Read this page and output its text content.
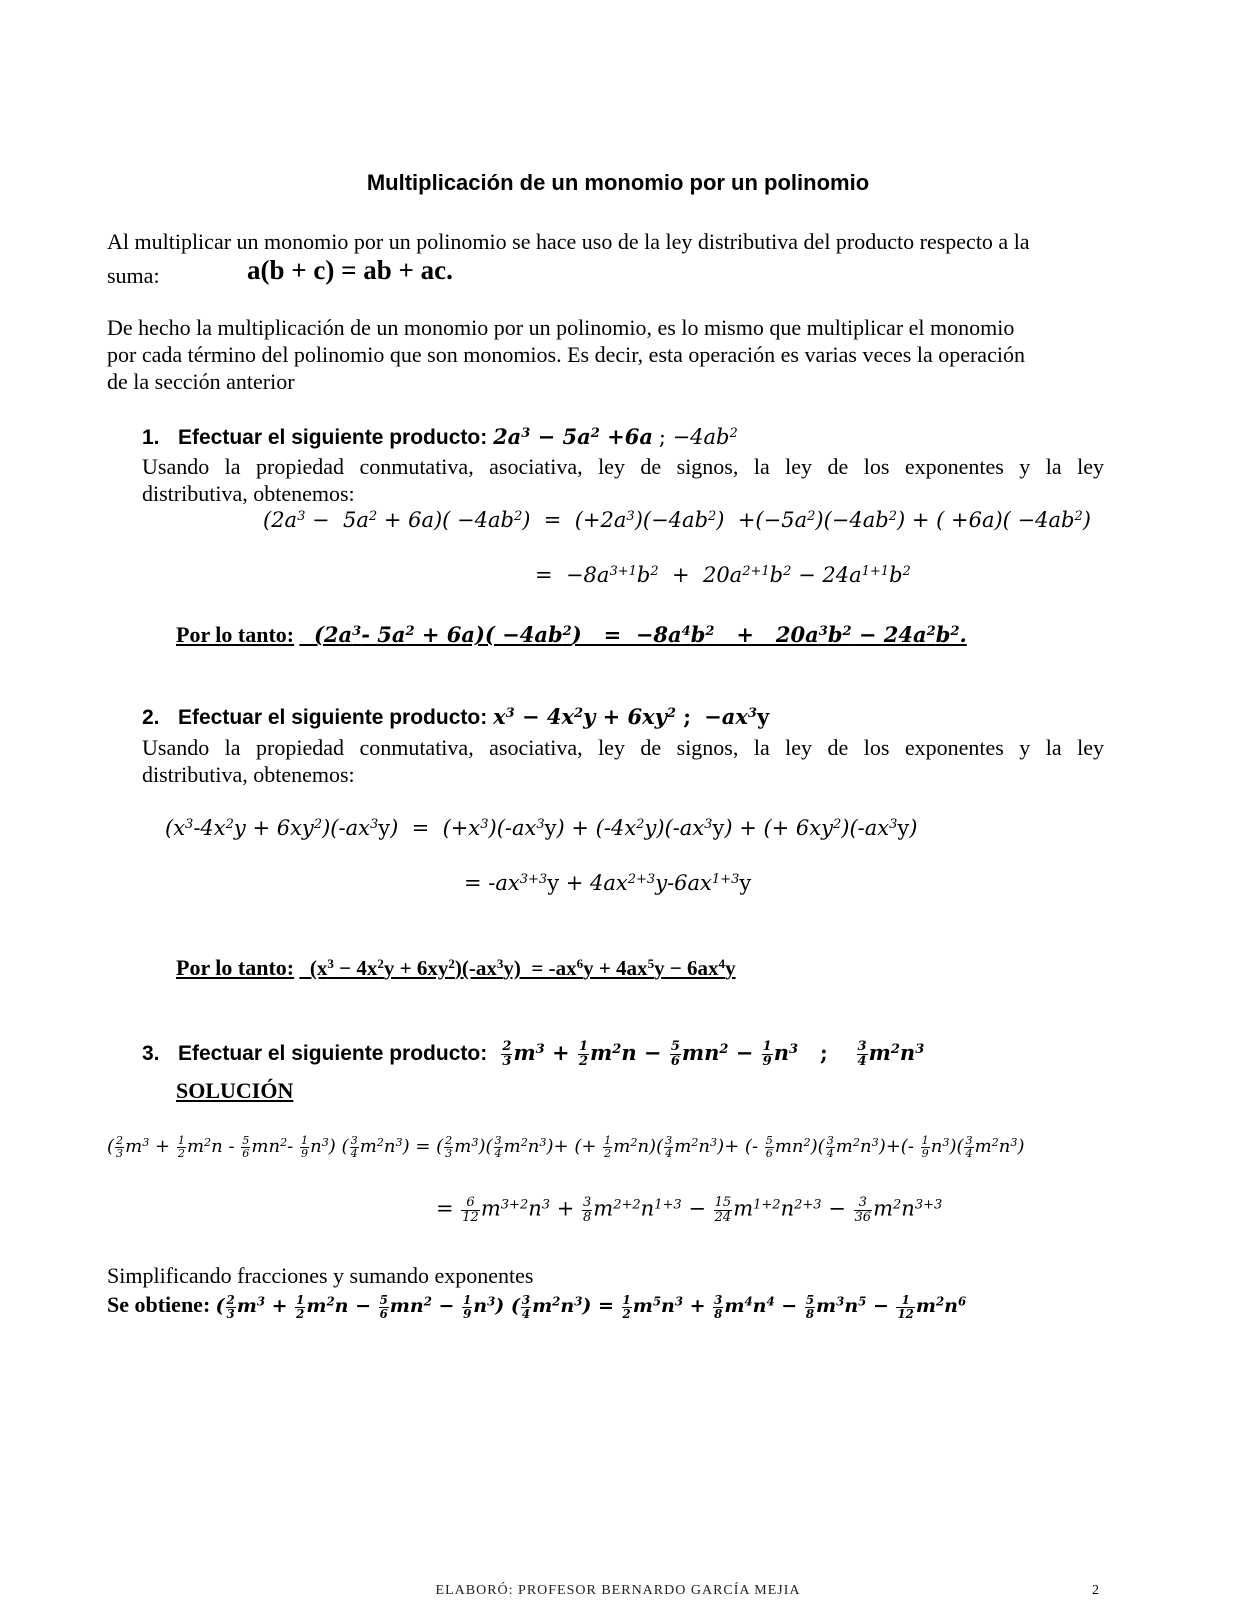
Multiplicación de un monomio por un polinomio
Al multiplicar un monomio por un polinomio se hace uso de la ley distributiva del producto respecto a la
suma:	a(b + c) = ab + ac.
De hecho la multiplicación de un monomio por un polinomio, es lo mismo que multiplicar el monomio
por cada término del polinomio que son monomios. Es decir, esta operación es varias veces la operación
de la sección anterior
1. Efectuar el siguiente producto: $2a^3 - 5a^2 +6a$ ; $-4ab^2$
Usando la propiedad conmutativa, asociativa, ley de signos, la ley de los exponentes y la ley
distributiva, obtenemos:
$(2a^3 - 5a^2 + 6a)( -4ab^2) = (+2a^3)(-4ab^2) +(-5a^2)(-4ab^2)$ + ( $+6a)( -4ab^2)$
=  $-8a^{3+1}b^2 + 20a^{2+1}b^2 - 24a^{1+1}b^2$
Por lo tanto:   ($2a^3-$ $5a^2 + 6a)( -4ab^2) = -8a^4b^2 + 20a^3b^2 - 24a^2b^2$.
2. Efectuar el siguiente producto: $x^3 - 4x^2y + 6xy^2$ ;  $-ax^3y$
Usando la propiedad conmutativa, asociativa, ley de signos, la ley de los exponentes y la ley
distributiva, obtenemos:
$(x^3-4x^2y + 6xy^2)(-ax^3y) = (+x^3)(-ax^3y) + (-4x^2y)(-ax^3y)$ + (+ $6xy^2)(-ax^3y)$
= $-ax^{3+3}y + 4ax^{2+3}y-6ax^{1+3}y$
Por lo tanto:   $(x^3 - 4x^2y + 6xy^2)(-ax^3y) = -ax^6y + 4ax^5y - 6ax^4y$
3. Efectuar el siguiente producto: $\frac{2}{3} m^3 + \frac{1}{2} m^2n - \frac{5}{6} mn^2 - \frac{1}{9} n^3$ ; $\frac{3}{4} m^2n^3$
SOLUCIÓN
( $\frac{2}{3} m^3 + \frac{1}{2} m^2n - \frac{5}{6} mn^2- \frac{1}{9} n^3$) ( $\frac{3}{4} m^2n^3$) = ( $\frac{2}{3} m^3)( \frac{3}{4} m^2n^3)+$ (+ $\frac{1}{2} m^2n)( \frac{3}{4} m^2n^3)+$ (- $\frac{5}{6} mn^2)( \frac{3}{4} m^2n^3)+(- \frac{1}{9} n^3)( \frac{3}{4} m^2n^3)$
= $\frac{6}{12} m^{3+2}n^3 + \frac{3}{8} m^{2+2}n^{1+3} - \frac{15}{24} m^{1+2}n^{2+3} - \frac{3}{36} m^2n^{3+3}$
Simplificando fracciones y sumando exponentes
Se obtiene: ( $\frac{2}{3} m^3 + \frac{1}{2} m^2n - \frac{5}{6} mn^2 - \frac{1}{9} n^3$) ( $\frac{3}{4} m^2n^3) = \frac{1}{2} m^5n^3 + \frac{3}{8} m^4n^4 - \frac{5}{8} m^3n^5 - \frac{1}{12} m^2n^6$
ELABORÓ: PROFESOR BERNARDO GARCÍA MEJIA	2
